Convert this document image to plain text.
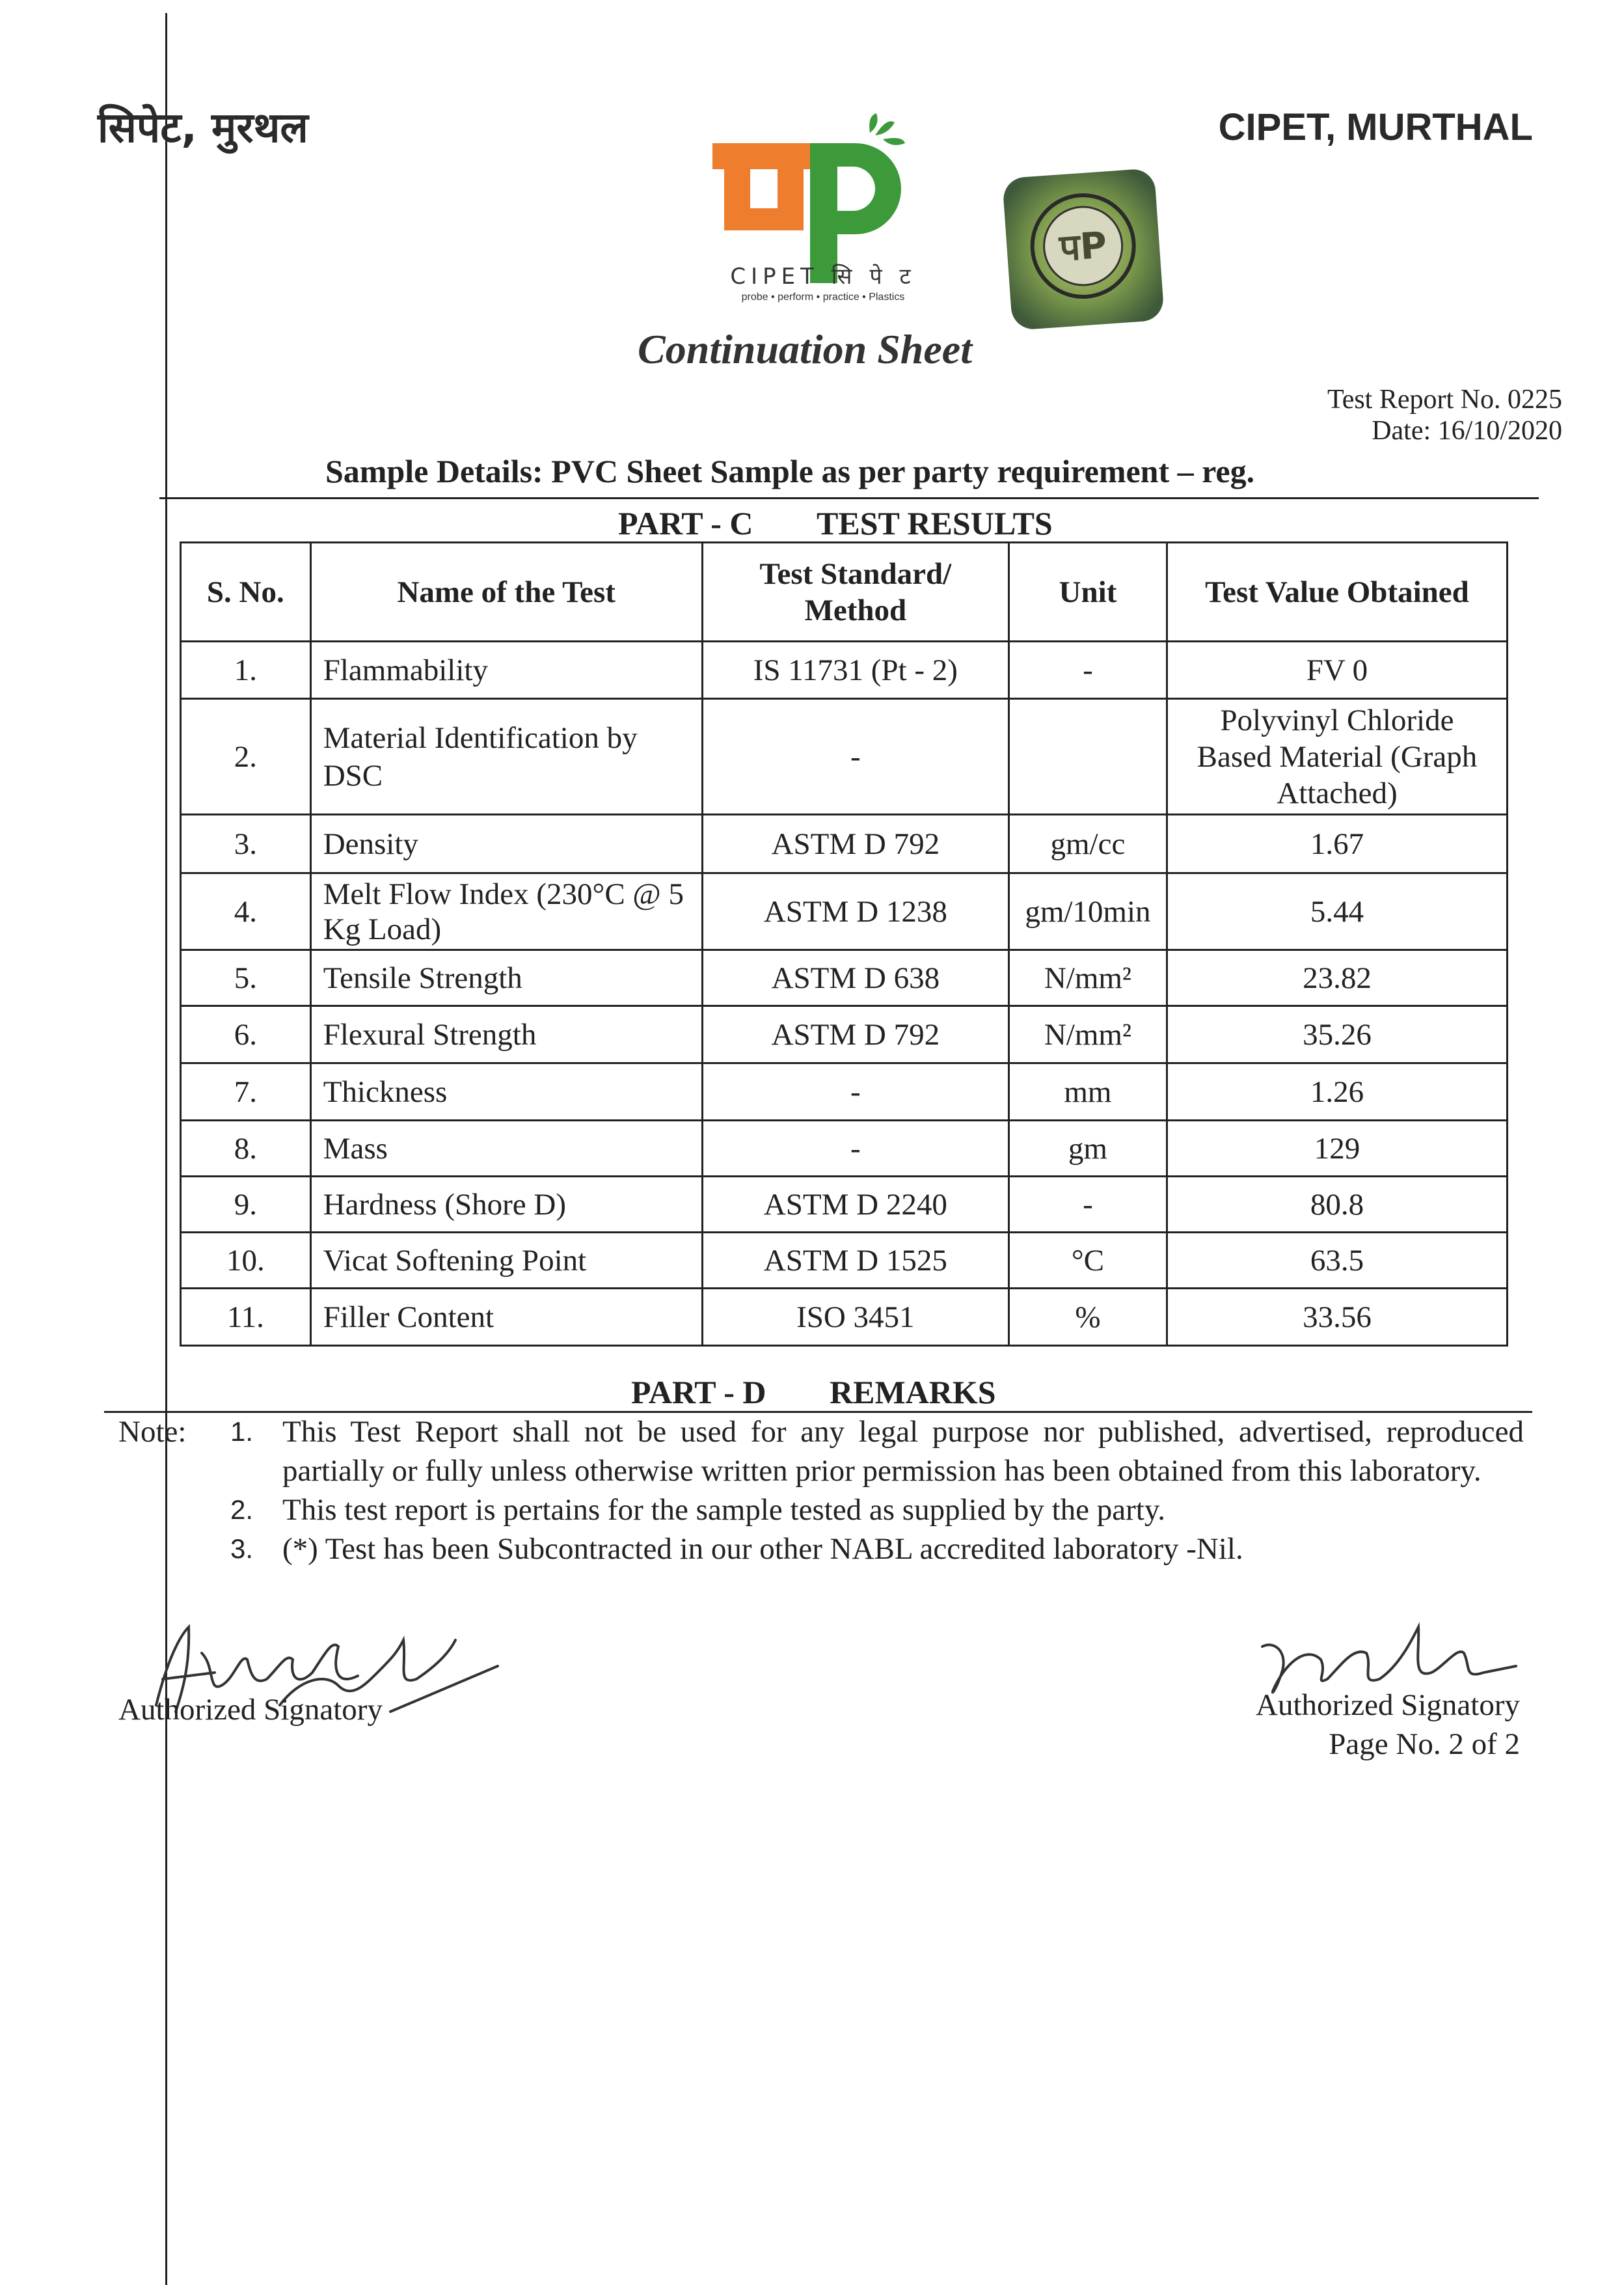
सिपेट, मुरथल	CIPET, MURTHAL
CIPET सि पे ट
probe • perform • practice • Plastics
पP
Continuation Sheet
Test Report No. 0225
Date: 16/10/2020
Sample Details: PVC Sheet Sample as per party requirement – reg.
PART - C TEST RESULTS
S. No.	Name of the Test	Test Standard/ Method	Unit	Test Value Obtained
1.	Flammability	IS 11731 (Pt - 2)	-	FV 0
2.	Material Identification by DSC	-		Polyvinyl Chloride Based Material (Graph Attached)
3.	Density	ASTM D 792	gm/cc	1.67
4.	Melt Flow Index (230°C @ 5 Kg Load)	ASTM D 1238	gm/10min	5.44
5.	Tensile Strength	ASTM D 638	N/mm²	23.82
6.	Flexural Strength	ASTM D 792	N/mm²	35.26
7.	Thickness	-	mm	1.26
8.	Mass	-	gm	129
9.	Hardness (Shore D)	ASTM D 2240	-	80.8
10.	Vicat Softening Point	ASTM D 1525	°C	63.5
11.	Filler Content	ISO 3451	%	33.56
PART - D REMARKS
Note:	1. This Test Report shall not be used for any legal purpose nor published, advertised, reproduced partially or fully unless otherwise written prior permission has been obtained from this laboratory.
2. This test report is pertains for the sample tested as supplied by the party.
3. (*) Test has been Subcontracted in our other NABL accredited laboratory -Nil.
Authorized Signatory	Authorized Signatory
Page No. 2 of 2
